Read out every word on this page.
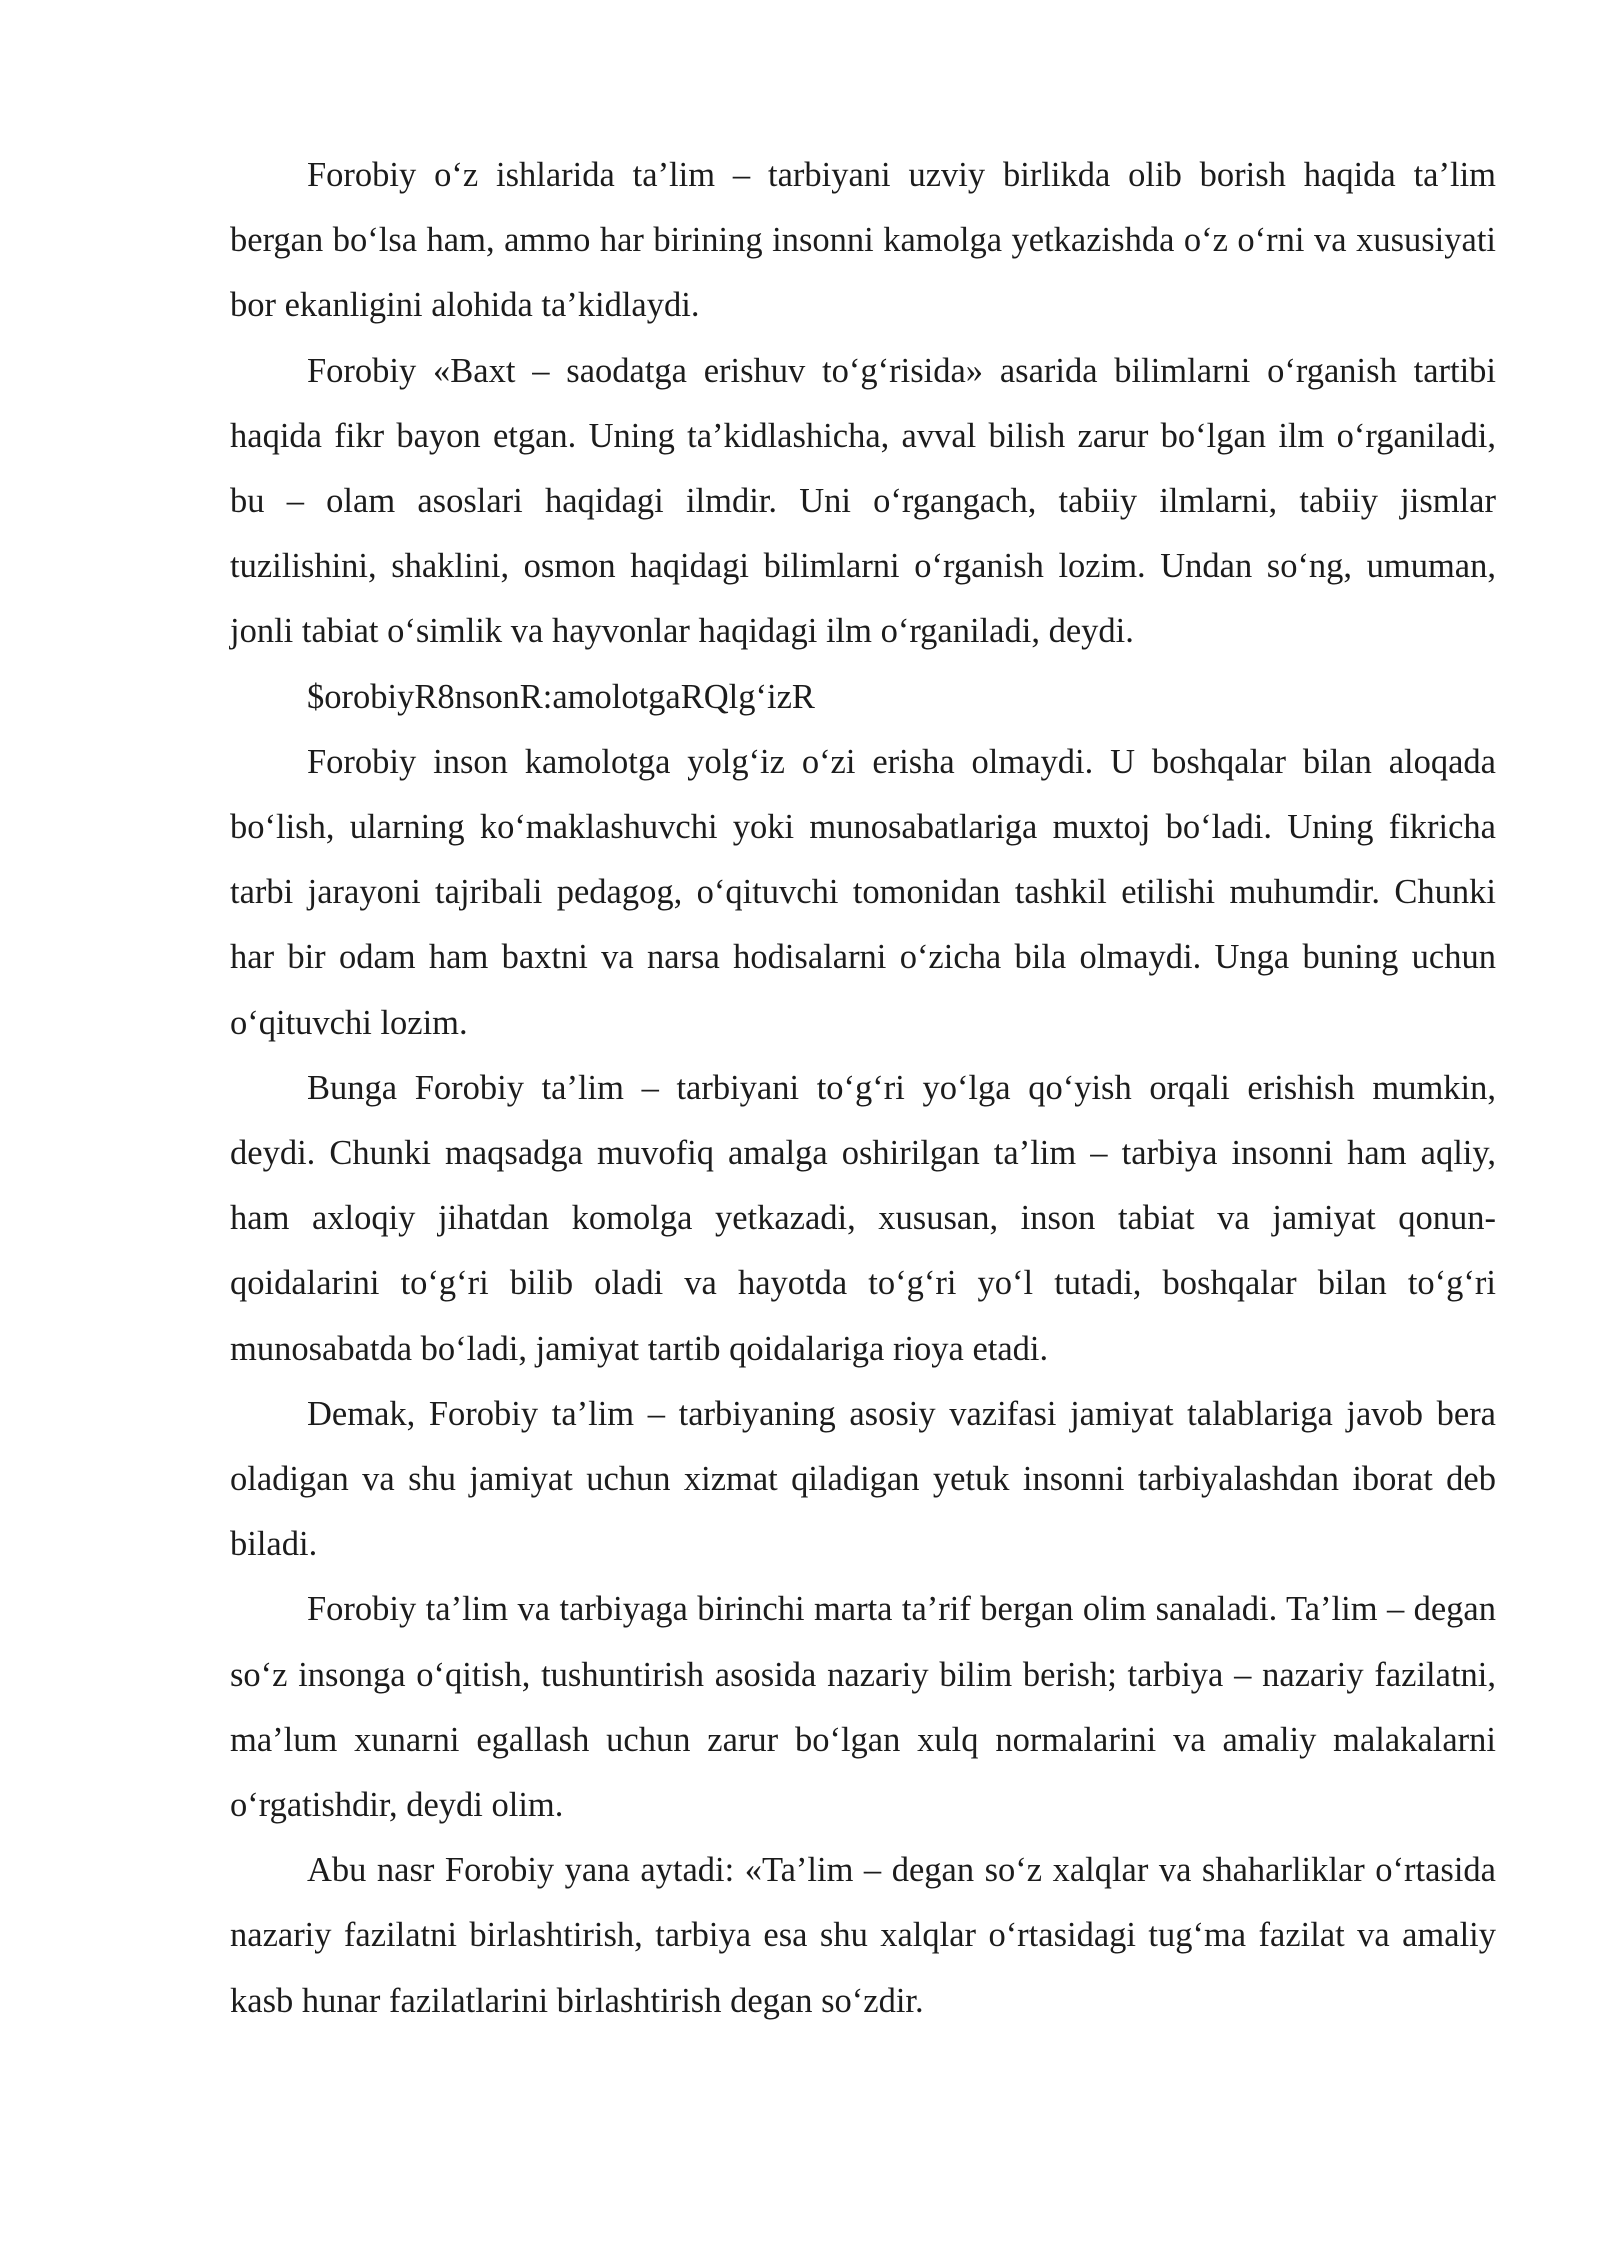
Forobiy o‘z ishlarida ta’lim – tarbiyani uzviy birlikda olib borish haqida ta’lim bergan bo‘lsa ham, ammo har birining insonni kamolga yetkazishda o‘z o‘rni va xususiyati bor ekanligini alohida ta’kidlaydi.

Forobiy «Baxt – saodatga erishuv to‘g‘risida» asarida bilimlarni o‘rganish tartibi haqida fikr bayon etgan. Uning ta’kidlashicha, avval bilish zarur bo‘lgan ilm o‘rganiladi, bu – olam asoslari haqidagi ilmdir. Uni o‘rgangach, tabiiy ilmlarni, tabiiy jismlar tuzilishini, shaklini, osmon haqidagi bilimlarni o‘rganish lozim. Undan so‘ng, umuman, jonli tabiat o‘simlik va hayvonlar haqidagi ilm o‘rganiladi, deydi.

$orobiyR8nsonR:amolotgaRQlg‘izR

Forobiy inson kamolotga yolg‘iz o‘zi erisha olmaydi. U boshqalar bilan aloqada bo‘lish, ularning ko‘maklashuvchi yoki munosabatlariga muxtoj bo‘ladi. Uning fikricha tarbi jarayoni tajribali pedagog, o‘qituvchi tomonidan tashkil etilishi muhumdir. Chunki har bir odam ham baxtni va narsa hodisalarni o‘zicha bila olmaydi. Unga buning uchun o‘qituvchi lozim.

Bunga Forobiy ta’lim – tarbiyani to‘g‘ri yo‘lga qo‘yish orqali erishish mumkin, deydi. Chunki maqsadga muvofiq amalga oshirilgan ta’lim – tarbiya insonni ham aqliy, ham axloqiy jihatdan komolga yetkazadi, xususan, inson tabiat va jamiyat qonun-qoidalarini to‘g‘ri bilib oladi va hayotda to‘g‘ri yo‘l tutadi, boshqalar bilan to‘g‘ri munosabatda bo‘ladi, jamiyat tartib qoidalariga rioya etadi.

Demak, Forobiy ta’lim – tarbiyaning asosiy vazifasi jamiyat talablariga javob bera oladigan va shu jamiyat uchun xizmat qiladigan yetuk insonni tarbiyalashdan iborat deb biladi.

Forobiy ta’lim va tarbiyaga birinchi marta ta’rif bergan olim sanaladi. Ta’lim – degan so‘z insonga o‘qitish, tushuntirish asosida nazariy bilim berish; tarbiya – nazariy fazilatni, ma’lum xunarni egallash uchun zarur bo‘lgan xulq normalarini va amaliy malakalarni o‘rgatishdir, deydi olim.

Abu nasr Forobiy yana aytadi: «Ta’lim – degan so‘z xalqlar va shaharliklar o‘rtasida nazariy fazilatni birlashtirish, tarbiya esa shu xalqlar o‘rtasidagi tug‘ma fazilat va amaliy kasb hunar fazilatlarini birlashtirish degan so‘zdir.
